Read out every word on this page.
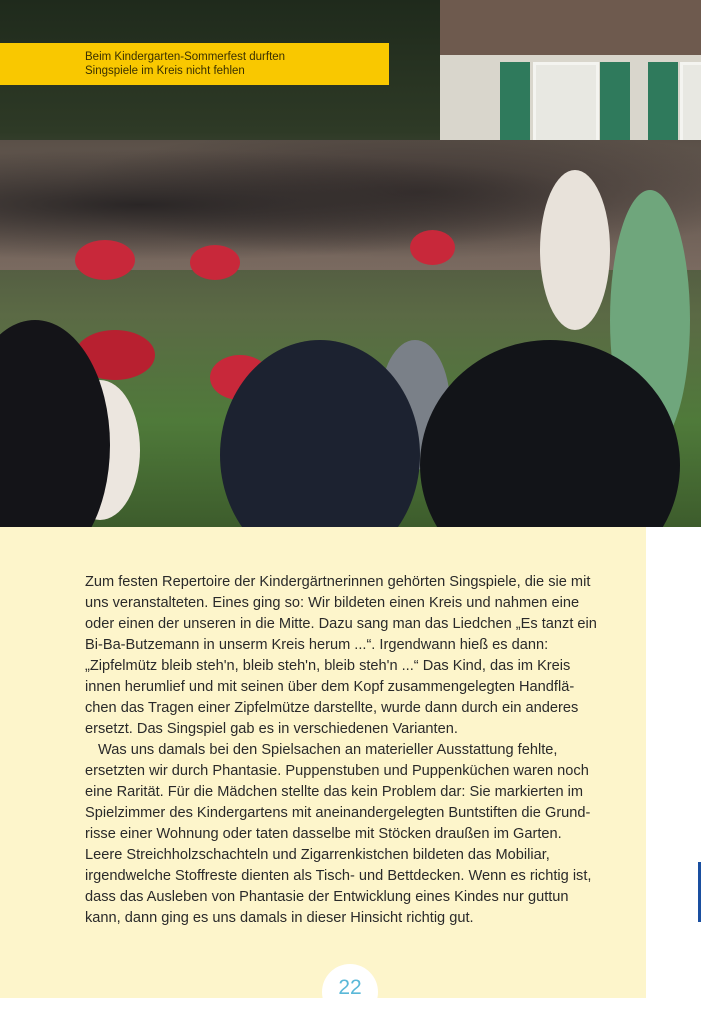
Beim Kindergarten-Sommerfest durften
Singspiele im Kreis nicht fehlen

Zum festen Repertoire der Kindergärtnerinnen gehörten Singspiele, die sie mit
uns veranstalteten. Eines ging so: Wir bildeten einen Kreis und nahmen eine
oder einen der unseren in die Mitte. Dazu sang man das Liedchen „Es tanzt ein
Bi-Ba-Butzemann in unserm Kreis herum ...“. Irgendwann hieß es dann:
„Zipfelmütz bleib steh'n, bleib steh'n, bleib steh'n ...“ Das Kind, das im Kreis
innen herumlief und mit seinen über dem Kopf zusammengelegten Handflä-
chen das Tragen einer Zipfelmütze darstellte, wurde dann durch ein anderes
ersetzt. Das Singspiel gab es in verschiedenen Varianten.

Was uns damals bei den Spielsachen an materieller Ausstattung fehlte,
ersetzten wir durch Phantasie. Puppenstuben und Puppenküchen waren noch
eine Rarität. Für die Mädchen stellte das kein Problem dar: Sie markierten im
Spielzimmer des Kindergartens mit aneinandergelegten Buntstiften die Grund-
risse einer Wohnung oder taten dasselbe mit Stöcken draußen im Garten.
Leere Streichholzschachteln und Zigarrenkistchen bildeten das Mobiliar,
irgendwelche Stoffreste dienten als Tisch- und Bettdecken. Wenn es richtig ist,
dass das Ausleben von Phantasie der Entwicklung eines Kindes nur guttun
kann, dann ging es uns damals in dieser Hinsicht richtig gut.

22
